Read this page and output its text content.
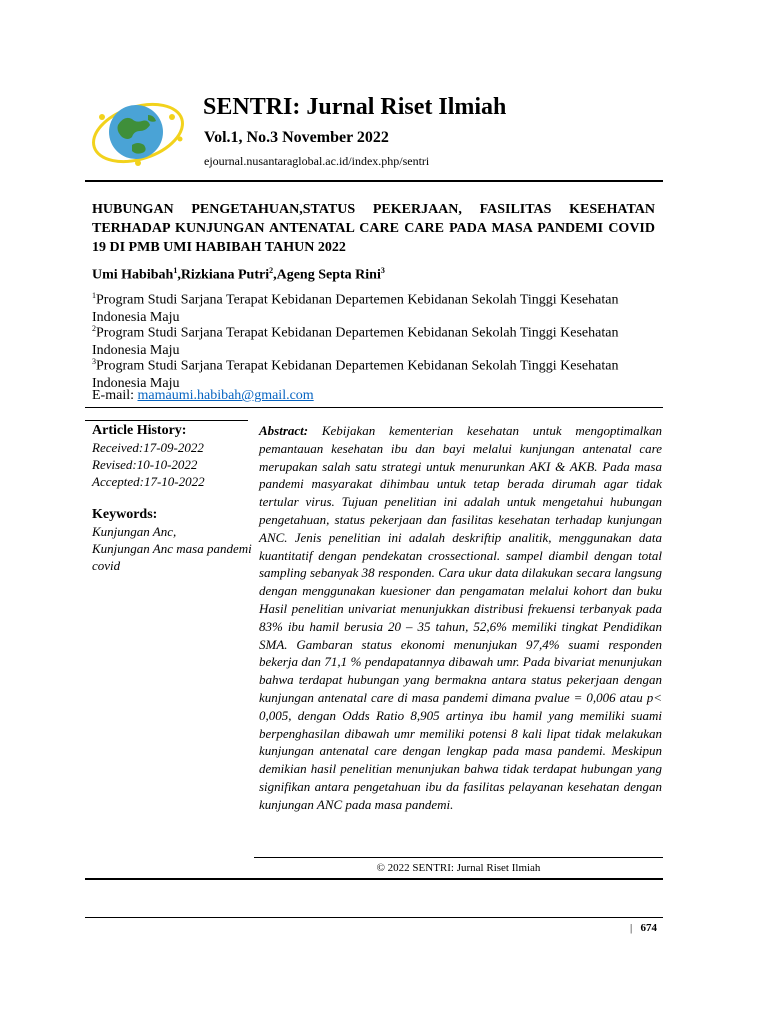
SENTRI: Jurnal Riset Ilmiah
Vol.1, No.3 November 2022
ejournal.nusantaraglobal.ac.id/index.php/sentri

HUBUNGAN PENGETAHUAN,STATUS PEKERJAAN, FASILITAS KESEHATAN TERHADAP KUNJUNGAN ANTENATAL CARE CARE PADA MASA PANDEMI COVID 19 DI PMB UMI HABIBAH TAHUN 2022

Umi Habibah$^1$,Rizkiana Putri$^2$,Ageng Septa Rini$^3$

$^1$Program Studi Sarjana Terapat Kebidanan Departemen Kebidanan Sekolah Tinggi Kesehatan Indonesia Maju

$^2$Program Studi Sarjana Terapat Kebidanan Departemen Kebidanan Sekolah Tinggi Kesehatan Indonesia Maju

$^3$Program Studi Sarjana Terapat Kebidanan Departemen Kebidanan Sekolah Tinggi Kesehatan Indonesia Maju

E-mail: mamaumi.habibah@gmail.com

Article History:

Received:17-09-2022

Revised:10-10-2022

Accepted:17-10-2022

Keywords:

Kunjungan Anc,

Kunjungan Anc masa pandemi covid

Abstract: Kebijakan kementerian kesehatan untuk mengoptimalkan pemantauan kesehatan ibu dan bayi melalui kunjungan antenatal care merupakan salah satu strategi untuk menurunkan AKI & AKB. Pada masa pandemi masyarakat dihimbau untuk tetap berada dirumah agar tidak tertular virus. Tujuan penelitian ini adalah untuk mengetahui hubungan pengetahuan, status pekerjaan dan fasilitas kesehatan terhadap kunjungan ANC. Jenis penelitian ini adalah deskriftip analitik, menggunakan data kuantitatif dengan pendekatan crossectional. sampel diambil dengan total sampling sebanyak 38 responden. Cara ukur data dilakukan secara langsung dengan menggunakan kuesioner dan pengamatan melalui kohort dan buku Hasil penelitian univariat menunjukkan distribusi frekuensi terbanyak pada 83% ibu hamil berusia 20 – 35 tahun, 52,6% memiliki tingkat Pendidikan SMA. Gambaran status ekonomi menunjukan 97,4% suami responden bekerja dan 71,1 % pendapatannya dibawah umr. Pada bivariat menunjukan bahwa terdapat hubungan yang bermakna antara status pekerjaan dengan kunjungan antenatal care di masa pandemi dimana pvalue = 0,006 atau p< 0,005, dengan Odds Ratio 8,905 artinya ibu hamil yang memiliki suami berpenghasilan dibawah umr memiliki potensi 8 kali lipat tidak melakukan kunjungan antenatal care dengan lengkap pada masa pandemi. Meskipun demikian hasil penelitian menunjukan bahwa tidak terdapat hubungan yang signifikan antara pengetahuan ibu da fasilitas pelayanan kesehatan dengan kunjungan ANC pada masa pandemi.

© 2022 SENTRI: Jurnal Riset Ilmiah
| 674
